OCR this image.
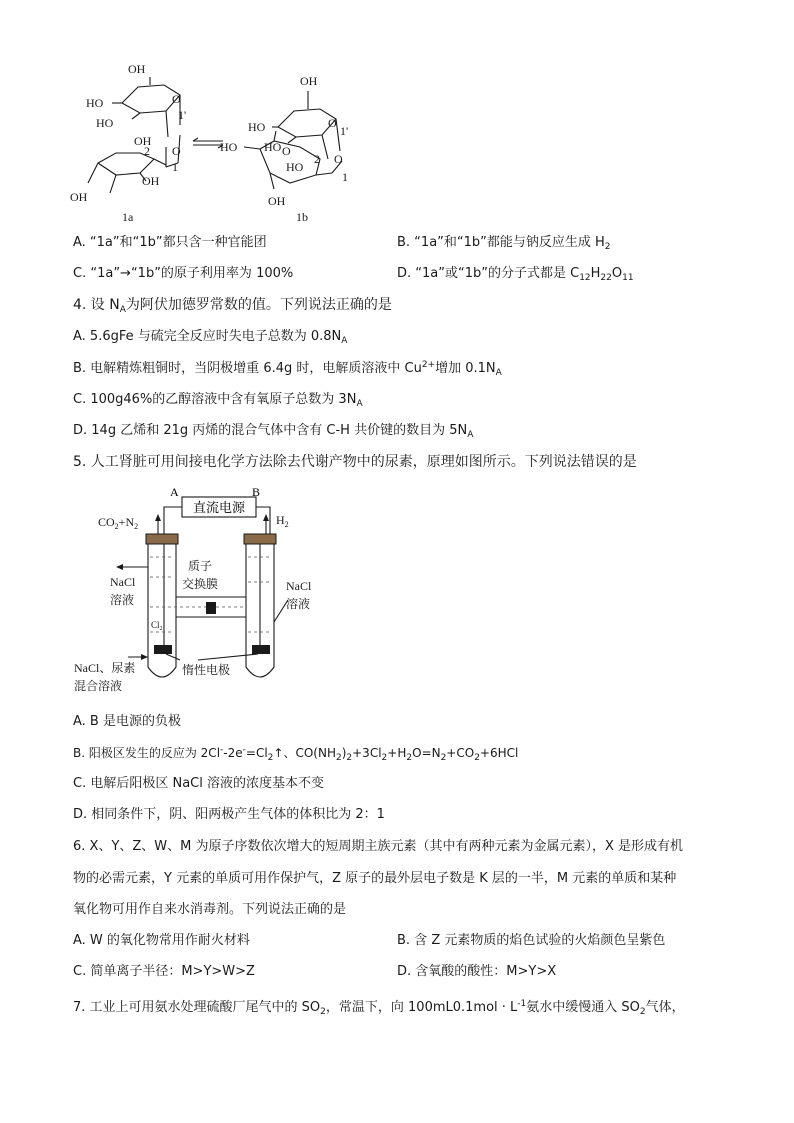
OH
HO
HO
OH
O
1'
O
2
1
OH
OH
1a
OH
HO
HO
HO
O
1'
O
2 O
HO
1
OH
1b
A. “1a”和“1b”都只含一种官能团	B. “1a”和“1b”都能与钠反应生成 $H_2$
C. “1a”→“1b”的原子利用率为 100%	D. “1a”或“1b”的分子式都是 $C_{12}H_{22}O_{11}$
4. 设 $N_A$为阿伏加德罗常数的值。下列说法正确的是
A. 5.6gFe 与硫完全反应时失电子总数为 $0.8N_A$
B. 电解精炼粗铜时，当阴极增重 6.4g 时，电解质溶液中 $Cu^{2+}$增加 $0.1N_A$
C. 100g46%的乙醇溶液中含有氧原子总数为 $3N_A$
D. 14g 乙烯和 21g 丙烯的混合气体中含有 C-H 共价键的数目为 $5N_A$
5. 人工肾脏可用间接电化学方法除去代谢产物中的尿素，原理如图所示。下列说法错误的是
直流电源
A	B
$CO_2+N_2$	$H_2$
质子
交换膜
NaCl
溶液
NaCl
溶液
$Cl_2$
NaCl、尿素
混合溶液
惰性电极
A. B 是电源的负极
B. 阳极区发生的反应为 $2Cl^--2e^-=Cl_2↑$、$CO(NH_2)_2+3Cl_2+H_2O=N_2+CO_2+6HCl$
C. 电解后阳极区 NaCl 溶液的浓度基本不变
D. 相同条件下，阴、阳两极产生气体的体积比为 2：1
6. X、Y、Z、W、M 为原子序数依次增大的短周期主族元素（其中有两种元素为金属元素），X 是形成有机
物的必需元素，Y 元素的单质可用作保护气，Z 原子的最外层电子数是 K 层的一半，M 元素的单质和某种
氧化物可用作自来水消毒剂。下列说法正确的是
A. W 的氧化物常用作耐火材料	B. 含 Z 元素物质的焰色试验的火焰颜色呈紫色
C. 简单离子半径：M>Y>W>Z	D. 含氧酸的酸性：M>Y>X
7. 工业上可用氨水处理硫酸厂尾气中的 $SO_2$，常温下，向 $100mL0.1mol \cdot L^{-1}$氨水中缓慢通入 $SO_2$气体，
